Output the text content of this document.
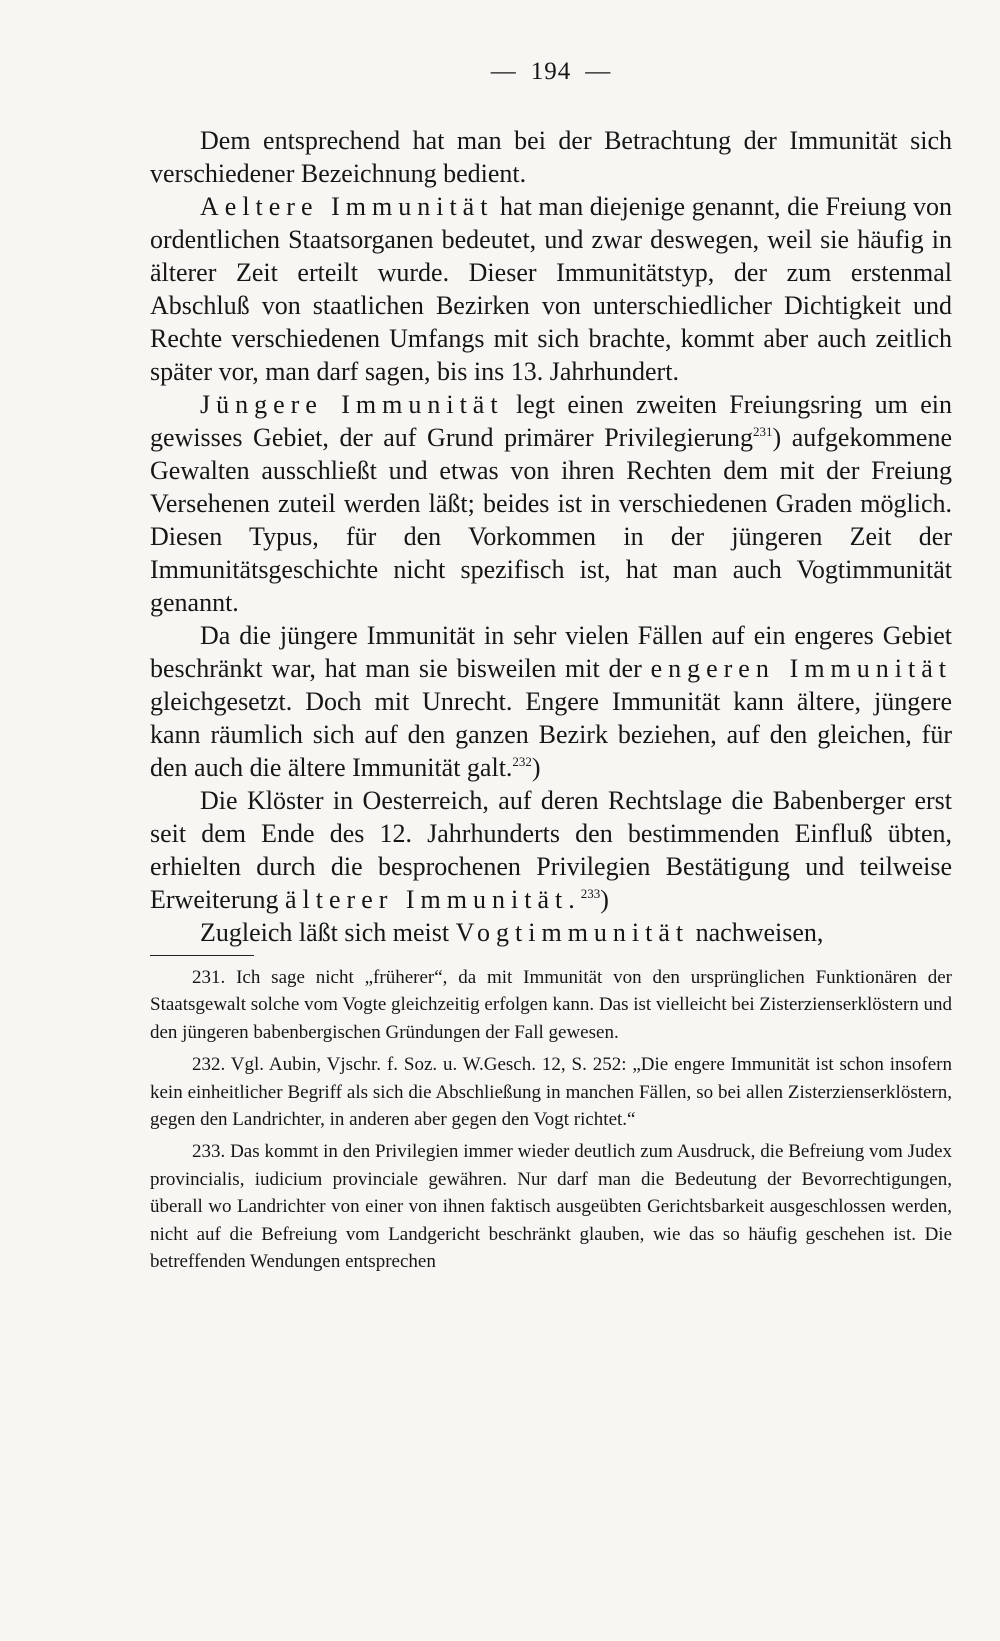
— 194 —

Dem entsprechend hat man bei der Betrachtung der Immunität sich verschiedener Bezeichnung bedient.

Aeltere Immunität hat man diejenige genannt, die Freiung von ordentlichen Staatsorganen bedeutet, und zwar deswegen, weil sie häufig in älterer Zeit erteilt wurde. Dieser Immunitätstyp, der zum erstenmal Abschluß von staatlichen Bezirken von unterschiedlicher Dichtigkeit und Rechte verschiedenen Umfangs mit sich brachte, kommt aber auch zeitlich später vor, man darf sagen, bis ins 13. Jahrhundert.

Jüngere Immunität legt einen zweiten Freiungsring um ein gewisses Gebiet, der auf Grund primärer Privilegierung$^{231}$) aufgekommene Gewalten ausschließt und etwas von ihren Rechten dem mit der Freiung Versehenen zuteil werden läßt; beides ist in verschiedenen Graden möglich. Diesen Typus, für den Vorkommen in der jüngeren Zeit der Immunitätsgeschichte nicht spezifisch ist, hat man auch Vogtimmunität genannt.

Da die jüngere Immunität in sehr vielen Fällen auf ein engeres Gebiet beschränkt war, hat man sie bisweilen mit der engeren Immunität gleichgesetzt. Doch mit Unrecht. Engere Immunität kann ältere, jüngere kann räumlich sich auf den ganzen Bezirk beziehen, auf den gleichen, für den auch die ältere Immunität galt.$^{232}$)

Die Klöster in Oesterreich, auf deren Rechtslage die Babenberger erst seit dem Ende des 12. Jahrhunderts den bestimmenden Einfluß übten, erhielten durch die besprochenen Privilegien Bestätigung und teilweise Erweiterung älterer Immunität.$^{233}$)

Zugleich läßt sich meist Vogtimmunität nachweisen,

231. Ich sage nicht „früherer“, da mit Immunität von den ursprünglichen Funktionären der Staatsgewalt solche vom Vogte gleichzeitig erfolgen kann. Das ist vielleicht bei Zisterzienserklöstern und den jüngeren babenbergischen Gründungen der Fall gewesen.

232. Vgl. Aubin, Vjschr. f. Soz. u. W.Gesch. 12, S. 252: „Die engere Immunität ist schon insofern kein einheitlicher Begriff als sich die Abschließung in manchen Fällen, so bei allen Zisterzienserklöstern, gegen den Landrichter, in anderen aber gegen den Vogt richtet.“

233. Das kommt in den Privilegien immer wieder deutlich zum Ausdruck, die Befreiung vom Judex provincialis, iudicium provinciale gewähren. Nur darf man die Bedeutung der Bevorrechtigungen, überall wo Landrichter von einer von ihnen faktisch ausgeübten Gerichtsbarkeit ausgeschlossen werden, nicht auf die Befreiung vom Landgericht beschränkt glauben, wie das so häufig geschehen ist. Die betreffenden Wendungen entsprechen
